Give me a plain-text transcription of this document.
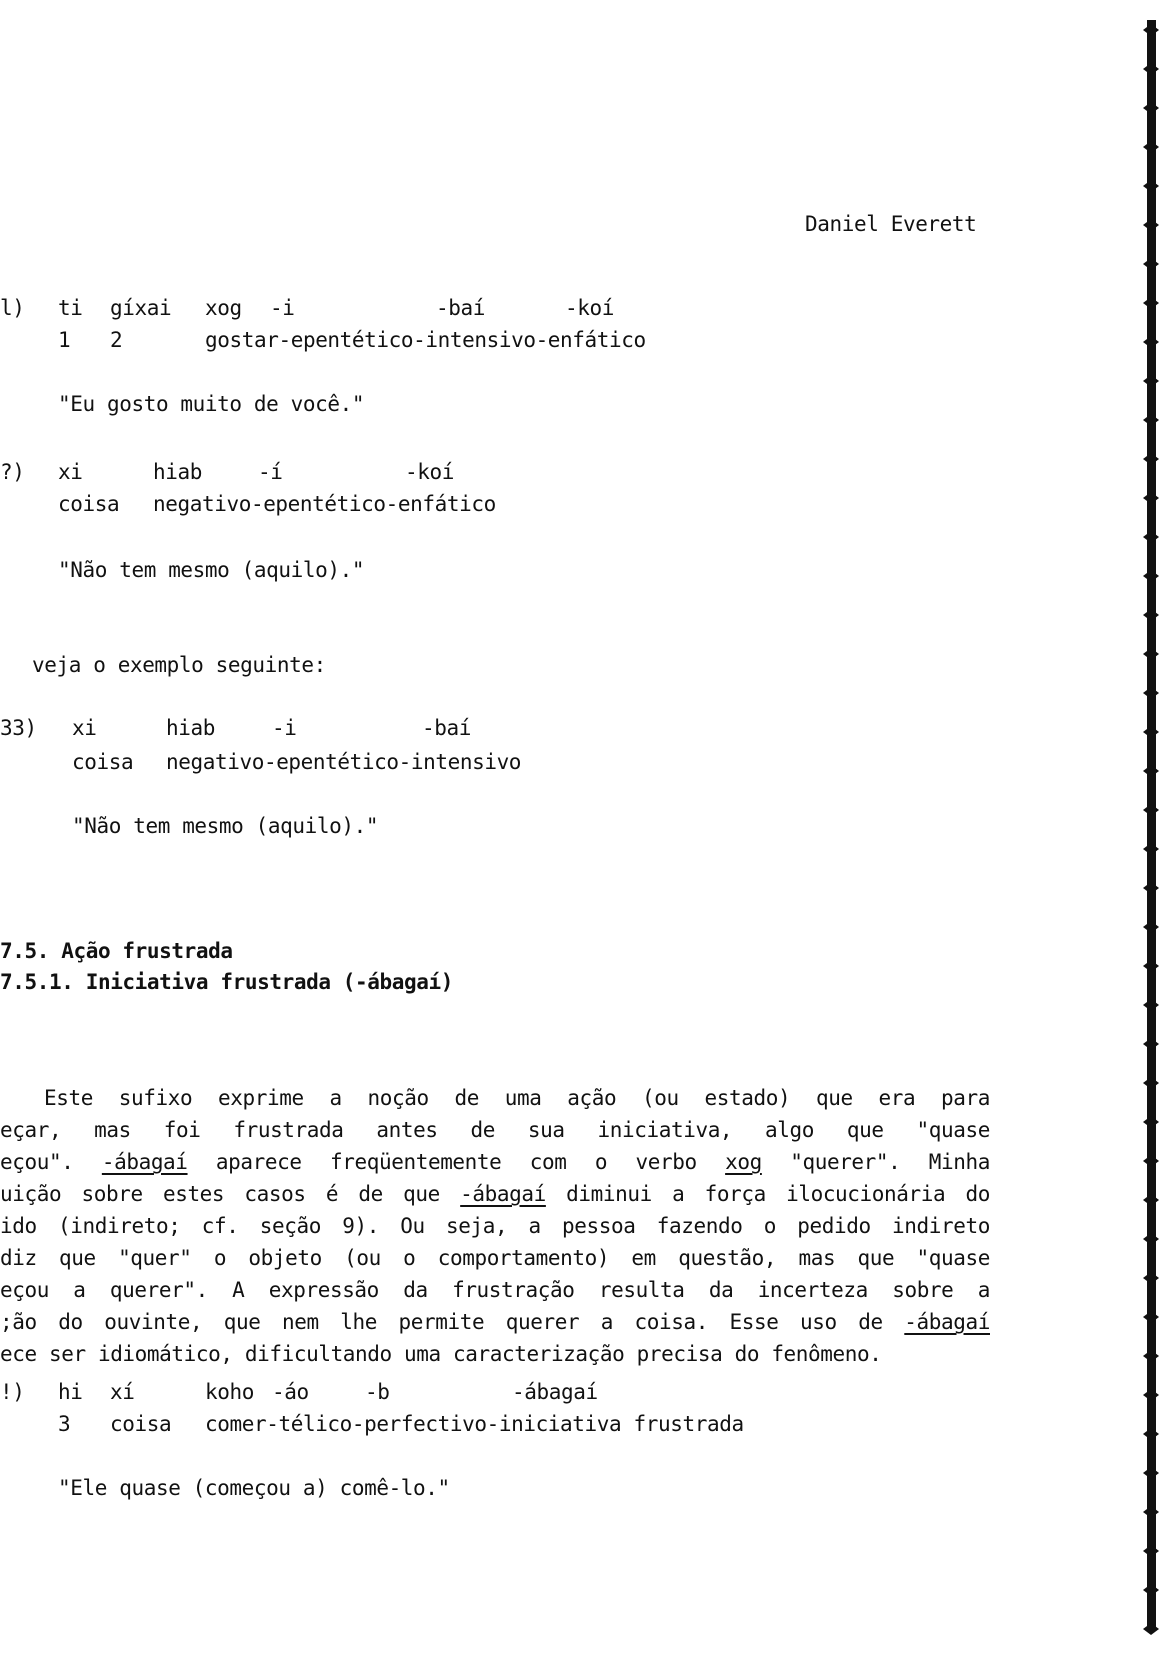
Daniel Everett
l) ti gíxai xog -i	-baí	-koí
1 2	gostar-epentético-intensivo-enfático
"Eu gosto muito de você."
?) xi	hiab	-í	-koí
coisa negativo-epentético-enfático
"Não tem mesmo (aquilo)."
veja o exemplo seguinte:
33) xi	hiab	-i	-baí
coisa negativo-epentético-intensivo
"Não tem mesmo (aquilo)."
7.5. Ação frustrada
7.5.1. Iniciativa frustrada (-ábagaí)
Este sufixo exprime a noção de uma ação (ou estado) que era para
eçar, mas foi frustrada antes de sua iniciativa, algo que "quase
eçou". -ábagaí aparece freqüentemente com o verbo xog "querer". Minha
uição sobre estes casos é de que -ábagaí diminui a força ilocucionária do
ido (indireto; cf. seção 9). Ou seja, a pessoa fazendo o pedido indireto
diz que "quer" o objeto (ou o comportamento) em questão, mas que "quase
eçou a querer". A expressão da frustração resulta da incerteza sobre a
;ão do ouvinte, que nem lhe permite querer a coisa. Esse uso de -ábagaí
ece ser idiomático, dificultando uma caracterização precisa do fenômeno.
!) hi xí	koho -áo	-b	-ábagaí
3 coisa comer-télico-perfectivo-iniciativa frustrada
"Ele quase (começou a) comê-lo."
